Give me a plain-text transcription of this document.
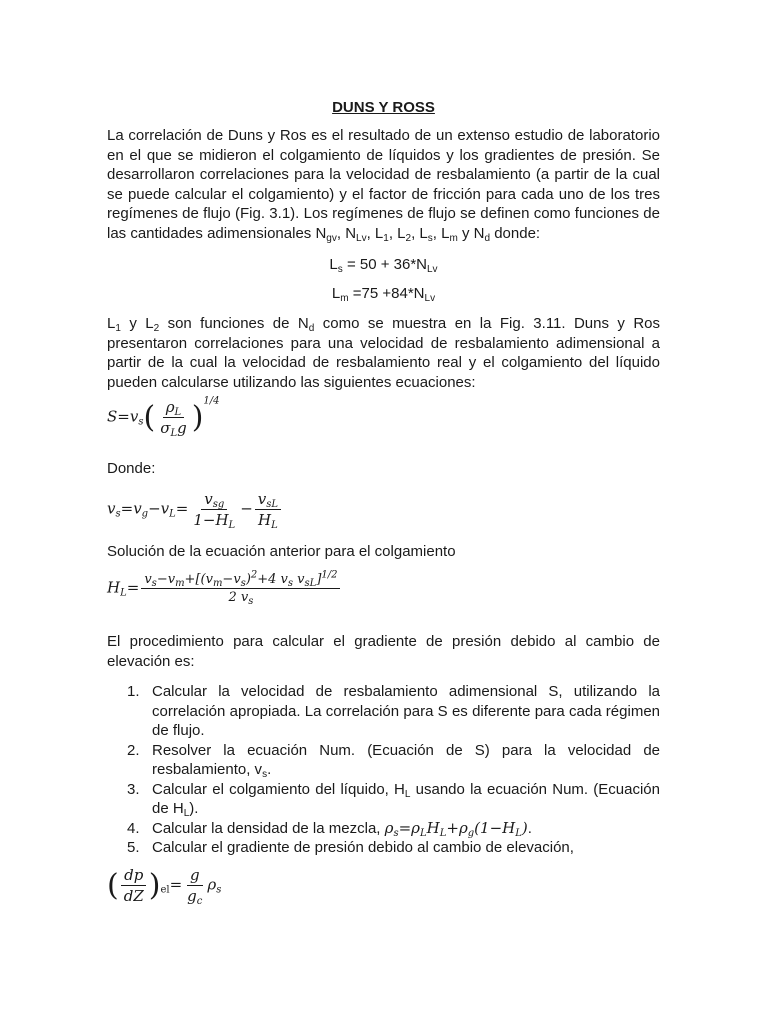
DUNS Y ROSS
La correlación de Duns y Ros es el resultado de un extenso estudio de laboratorio en el que se midieron el colgamiento de líquidos y los gradientes de presión. Se desarrollaron correlaciones para la velocidad de resbalamiento (a partir de la cual se puede calcular el colgamiento) y el factor de fricción para cada uno de los tres regímenes de flujo (Fig. 3.1). Los regímenes de flujo se definen como funciones de las cantidades adimensionales $N_{gv}$, $N_{Lv}$, $L_1$, $L_2$, $L_s$, $L_m$ y $N_d$ donde:
$L_s = 50 + 36*N_{Lv}$
$L_m =75 +84*N_{Lv}$
$L_1$ y $L_2$ son funciones de $N_d$ como se muestra en la Fig. 3.11. Duns y Ros presentaron correlaciones para una velocidad de resbalamiento adimensional a partir de la cual la velocidad de resbalamiento real y el colgamiento del líquido pueden calcularse utilizando las siguientes ecuaciones:
$S=v_s( \frac{\rho_L}{\sigma_Lg} )^{1/4}$
Donde:
$v_s=v_g-v_L= \frac{v_{sg}}{1-H_L} - \frac{v_{sL}}{H_L}$
Solución de la ecuación anterior para el colgamiento
$H_L= \frac{v_s-v_m+[(v_m-v_s)^2+4 v_s v_{sL}]^{1/2}}{2 v_s}$
El procedimiento para calcular el gradiente de presión debido al cambio de elevación es:
1. Calcular la velocidad de resbalamiento adimensional S, utilizando la correlación apropiada. La correlación para S es diferente para cada régimen de flujo.
2. Resolver la ecuación Num. (Ecuación de S) para la velocidad de resbalamiento, $v_s$.
3. Calcular el colgamiento del líquido, $H_L$ usando la ecuación Num. (Ecuación de $H_L$).
4. Calcular la densidad de la mezcla, $\rho_s=\rho_LH_L+\rho_g(1-H_L)$.
5. Calcular el gradiente de presión debido al cambio de elevación,
( $\frac{dp}{dZ} )_{el}= \frac{g}{g_c} \rho_s$
